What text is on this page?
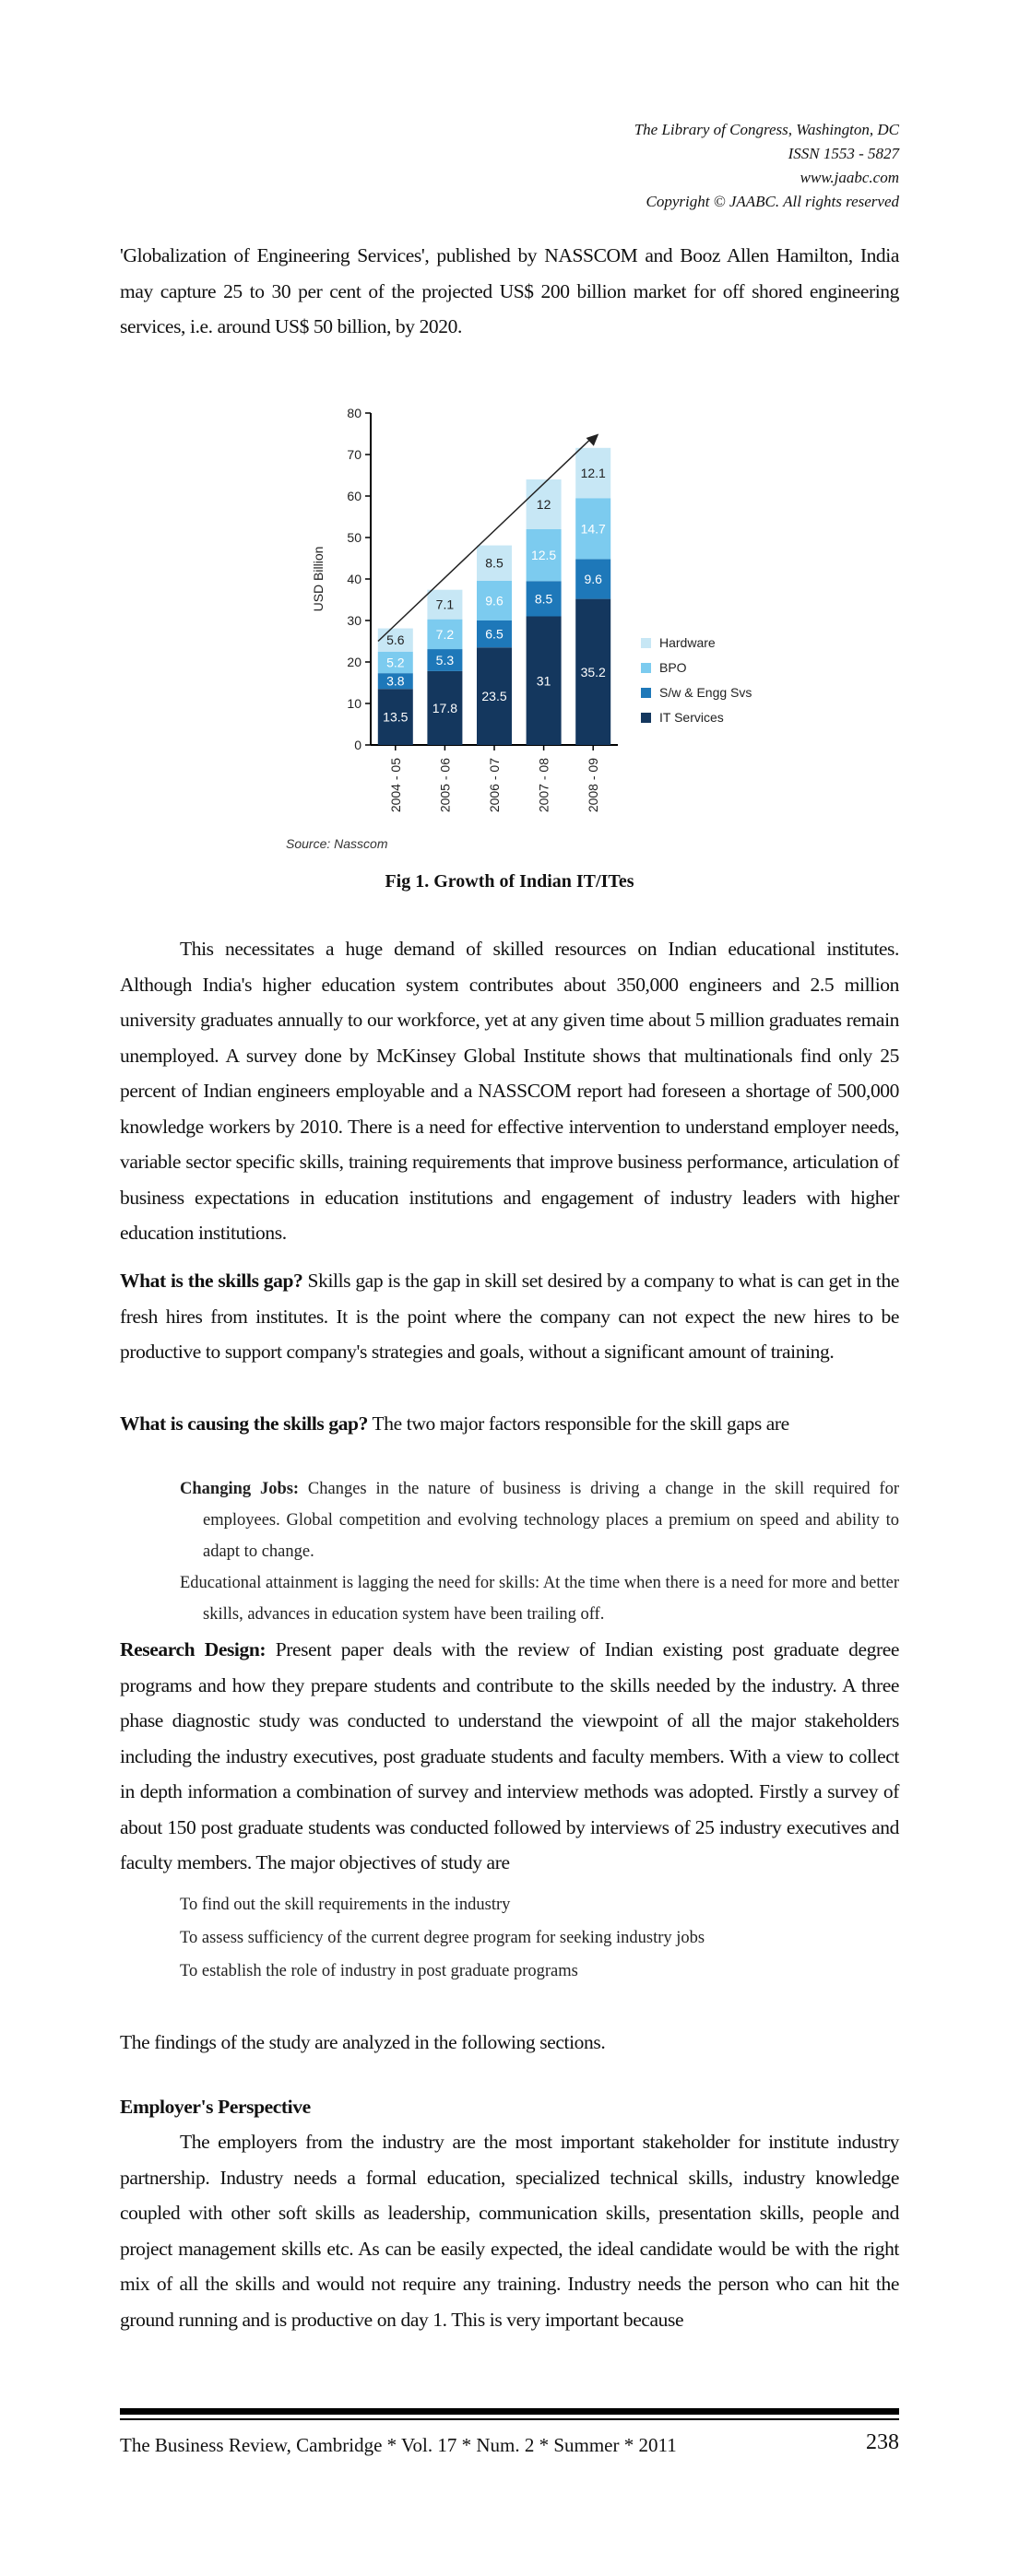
The Library of Congress, Washington, DC
ISSN 1553 - 5827
www.jaabc.com
Copyright © JAABC. All rights reserved
'Globalization of Engineering Services', published by NASSCOM and Booz Allen Hamilton, India may capture 25 to 30 per cent of the projected US$ 200 billion market for off shored engineering services, i.e. around US$ 50 billion, by 2020.
0
10
20
30
40
50
60
70
80
USD Billion
13.5
3.8
5.2
5.6
2004 - 05
17.8
5.3
7.2
7.1
2005 - 06
23.5
6.5
9.6
8.5
2006 - 07
31
8.5
12.5
12
2007 - 08
35.2
9.6
14.7
12.1
2008 - 09
Hardware
BPO
S/w & Engg Svs
IT Services
Source: Nasscom
Fig 1. Growth of Indian IT/ITes
This necessitates a huge demand of skilled resources on Indian educational institutes. Although India's higher education system contributes about 350,000 engineers and 2.5 million university graduates annually to our workforce, yet at any given time about 5 million graduates remain unemployed. A survey done by McKinsey Global Institute shows that multinationals find only 25 percent of Indian engineers employable and a NASSCOM report had foreseen a shortage of 500,000 knowledge workers by 2010. There is a need for effective intervention to understand employer needs, variable sector specific skills, training requirements that improve business performance, articulation of business expectations in education institutions and engagement of industry leaders with higher education institutions.
What is the skills gap? Skills gap is the gap in skill set desired by a company to what is can get in the fresh hires from institutes. It is the point where the company can not expect the new hires to be productive to support company's strategies and goals, without a significant amount of training.
What is causing the skills gap? The two major factors responsible for the skill gaps are
Changing Jobs: Changes in the nature of business is driving a change in the skill required for employees. Global competition and evolving technology places a premium on speed and ability to adapt to change.
Educational attainment is lagging the need for skills: At the time when there is a need for more and better skills, advances in education system have been trailing off.
Research Design: Present paper deals with the review of Indian existing post graduate degree programs and how they prepare students and contribute to the skills needed by the industry. A three phase diagnostic study was conducted to understand the viewpoint of all the major stakeholders including the industry executives, post graduate students and faculty members. With a view to collect in depth information a combination of survey and interview methods was adopted. Firstly a survey of about 150 post graduate students was conducted followed by interviews of 25 industry executives and faculty members. The major objectives of study are
To find out the skill requirements in the industry
To assess sufficiency of the current degree program for seeking industry jobs
To establish the role of industry in post graduate programs
The findings of the study are analyzed in the following sections.
Employer's Perspective
The employers from the industry are the most important stakeholder for institute industry partnership. Industry needs a formal education, specialized technical skills, industry knowledge coupled with other soft skills as leadership, communication skills, presentation skills, people and project management skills etc. As can be easily expected, the ideal candidate would be with the right mix of all the skills and would not require any training. Industry needs the person who can hit the ground running and is productive on day 1. This is very important because
The Business Review, Cambridge * Vol. 17 * Num. 2 * Summer * 2011	238
